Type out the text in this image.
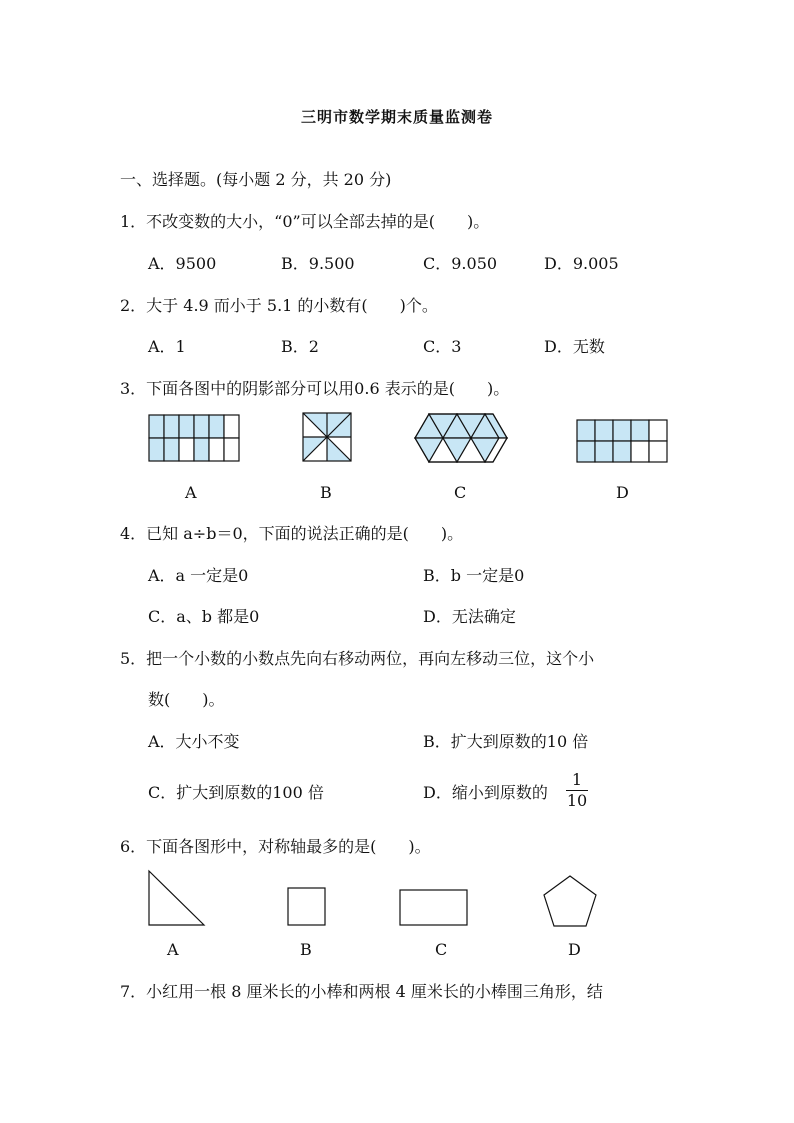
三明市数学期末质量监测卷
一、选择题。(每小题 2 分，共 20 分)
1．不改变数的大小，“0”可以全部去掉的是(　　)。
A．9500	B．9.500	C．9.050	D．9.005
2．大于 4.9 而小于 5.1 的小数有(　　)个。
A．1	B．2	C．3	D．无数
3．下面各图中的阴影部分可以用0.6 表示的是(　　)。
A	B	C	D
4．已知 a÷b＝0，下面的说法正确的是(　　)。
A．a 一定是0	B．b 一定是0
C．a、b 都是0	D．无法确定
5．把一个小数的小数点先向右移动两位，再向左移动三位，这个小
数(　　)。
A．大小不变	B．扩大到原数的10 倍
C．扩大到原数的100 倍	D．缩小到原数的
1
10
6．下面各图形中，对称轴最多的是(　　)。
A	B	C	D
7．小红用一根 8 厘米长的小棒和两根 4 厘米长的小棒围三角形，结
